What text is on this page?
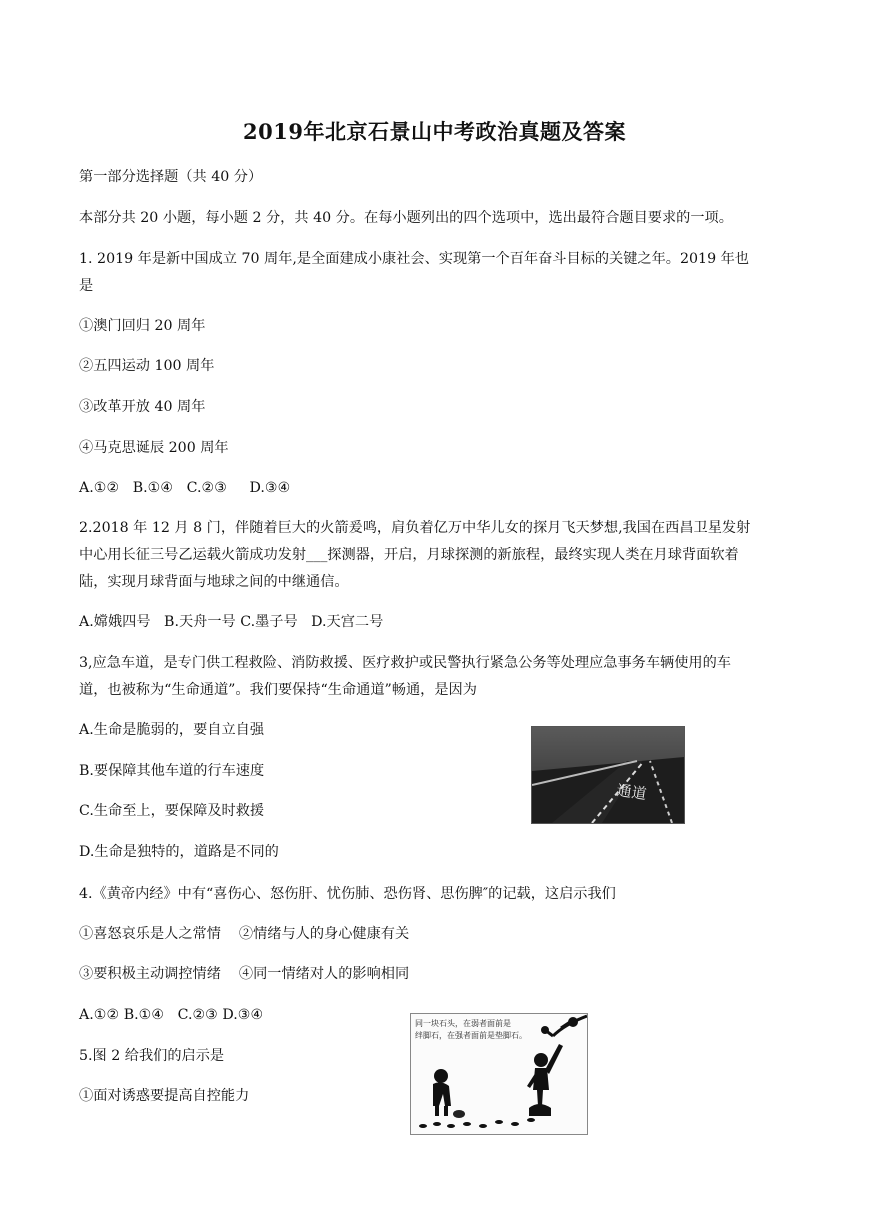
2019年北京石景山中考政治真题及答案
第一部分选择题（共 40 分）
本部分共 20 小题，每小题 2 分，共 40 分。在每小题列出的四个选项中，选出最符合题目要求的一项。
1. 2019 年是新中国成立 70 周年,是全面建成小康社会、实现第一个百年奋斗目标的关键之年。2019 年也
是
①澳门回归 20 周年
②五四运动 100 周年
③改革开放 40 周年
④马克思诞辰 200 周年
A.①②   B.①④   C.②③     D.③④
2.2018 年 12 月 8 门，伴随着巨大的火箭爰鸣，肩负着亿万中华儿女的探月飞天梦想,我国在西昌卫星发射
中心用长征三号乙运载火箭成功发射___探测器，开启，月球探测的新旅程，最终实现人类在月球背面软着
陆，实现月球背面与地球之间的中继通信。
A.嫦娥四号   B.天舟一号 C.墨子号   D.天宫二号
3,应急车道，是专门供工程救险、消防救援、医疗救护或民警执行紧急公务等处理应急事务车辆使用的车
道，也被称为“生命通道”。我们要保持“生命通道”畅通，是因为
A.生命是脆弱的，要自立自强
B.要保障其他车道的行车速度
C.生命至上，要保障及时救援
D.生命是独特的，道路是不同的
通道
4.《黄帝内经》中有“喜伤心、怒伤肝、忧伤肺、恐伤肾、思伤脾″的记载，这启示我们
①喜怒哀乐是人之常情    ②情绪与人的身心健康有关
③要积极主动调控情绪    ④同一情绪对人的影响相同
A.①② B.①④   C.②③ D.③④
5.图 2 给我们的启示是
①面对诱惑要提高自控能力
同一块石头，在弱者面前是
绊脚石，在强者面前是垫脚石。
